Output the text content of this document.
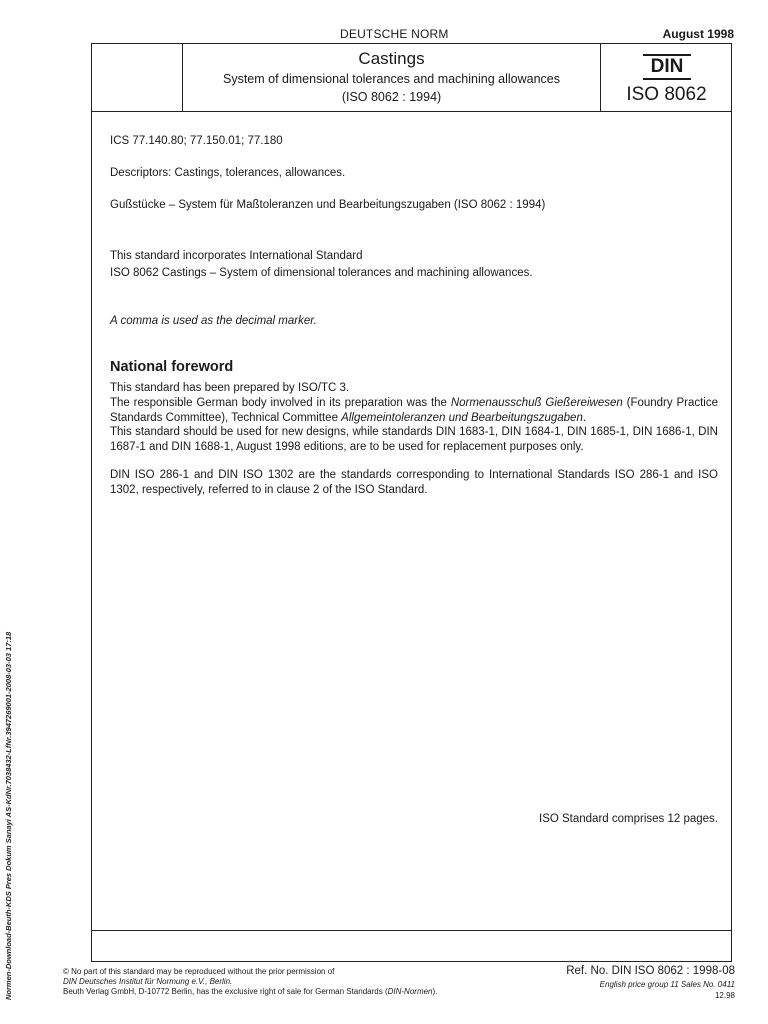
DEUTSCHE NORM	August 1998
Castings
System of dimensional tolerances and machining allowances
(ISO 8062 : 1994)
DIN
ISO 8062
ICS 77.140.80; 77.150.01; 77.180
Descriptors: Castings, tolerances, allowances.
Gußstücke – System für Maßtoleranzen und Bearbeitungszugaben (ISO 8062 : 1994)
This standard incorporates International Standard
ISO 8062 Castings – System of dimensional tolerances and machining allowances.
A comma is used as the decimal marker.
National foreword
This standard has been prepared by ISO/TC 3.
The responsible German body involved in its preparation was the Normenausschuß Gießereiwesen (Foundry Practice Standards Committee), Technical Committee Allgemeintoleranzen und Bearbeitungszugaben.
This standard should be used for new designs, while standards DIN 1683-1, DIN 1684-1, DIN 1685-1, DIN 1686-1, DIN 1687-1 and DIN 1688-1, August 1998 editions, are to be used for replacement purposes only.
DIN ISO 286-1 and DIN ISO 1302 are the standards corresponding to International Standards ISO 286-1 and ISO 1302, respectively, referred to in clause 2 of the ISO Standard.
ISO Standard comprises 12 pages.
© No part of this standard may be reproduced without the prior permission of
DIN Deutsches Institut für Normung e.V., Berlin.
Beuth Verlag GmbH, D-10772 Berlin, has the exclusive right of sale for German Standards (DIN-Normen).
Ref. No. DIN ISO 8062 : 1998-08
English price group 11 Sales No. 0411
12.98
Normen-Download-Beuth-KDS Pres Dokum Sanayi AS-KdNr.7038432-LfNr.3947269001-2008-03-03 17:18
